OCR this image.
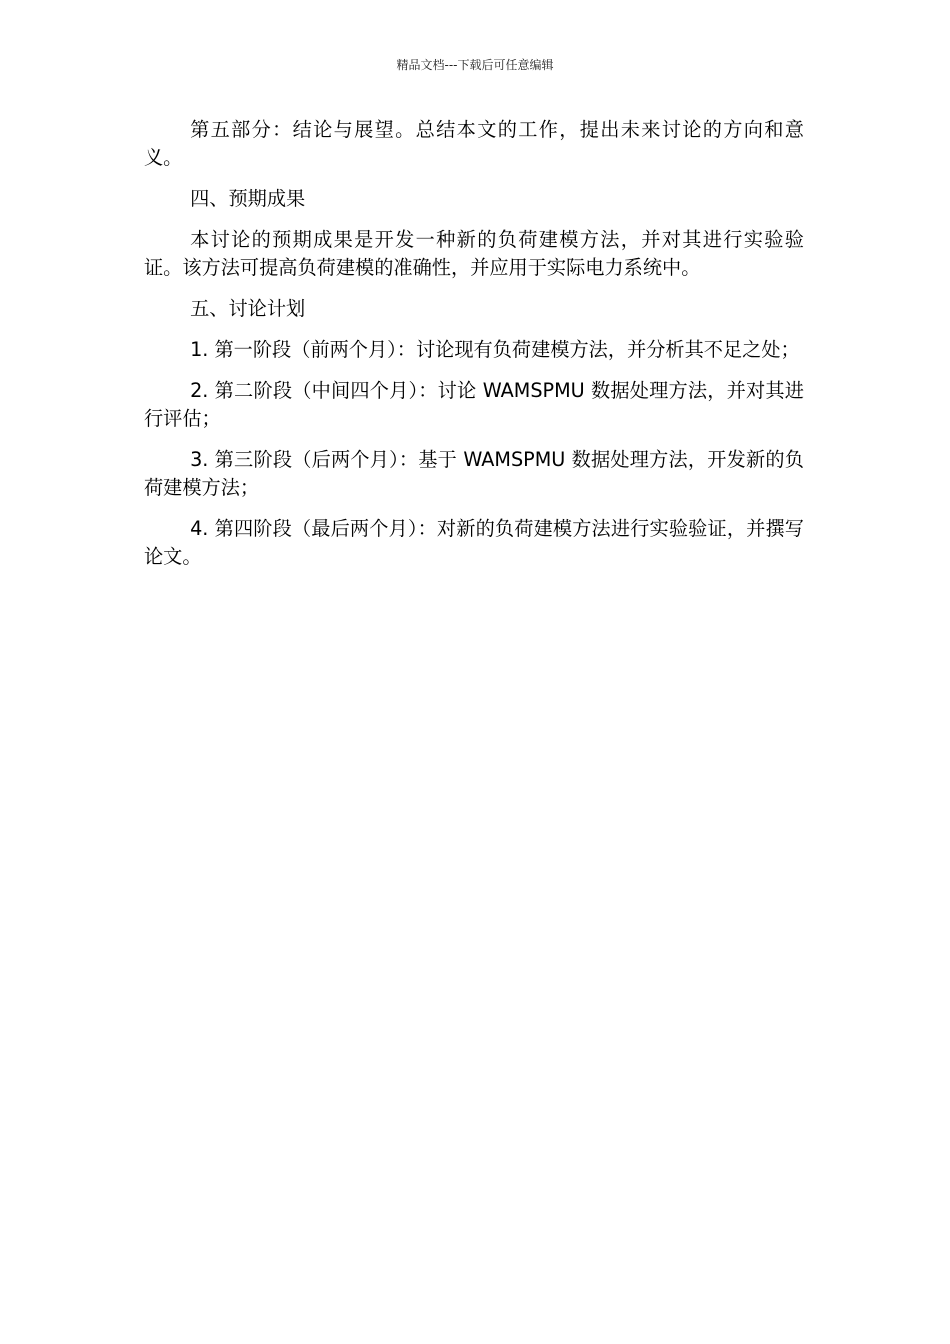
精品文档---下载后可任意编辑

第五部分：结论与展望。总结本文的工作，提出未来讨论的方向和意义。

四、预期成果

本讨论的预期成果是开发一种新的负荷建模方法，并对其进行实验验证。该方法可提高负荷建模的准确性，并应用于实际电力系统中。

五、讨论计划

1. 第一阶段（前两个月）：讨论现有负荷建模方法，并分析其不足之处；

2. 第二阶段（中间四个月）：讨论 WAMSPMU 数据处理方法，并对其进行评估；

3. 第三阶段（后两个月）：基于 WAMSPMU 数据处理方法，开发新的负荷建模方法；

4. 第四阶段（最后两个月）：对新的负荷建模方法进行实验验证，并撰写论文。
